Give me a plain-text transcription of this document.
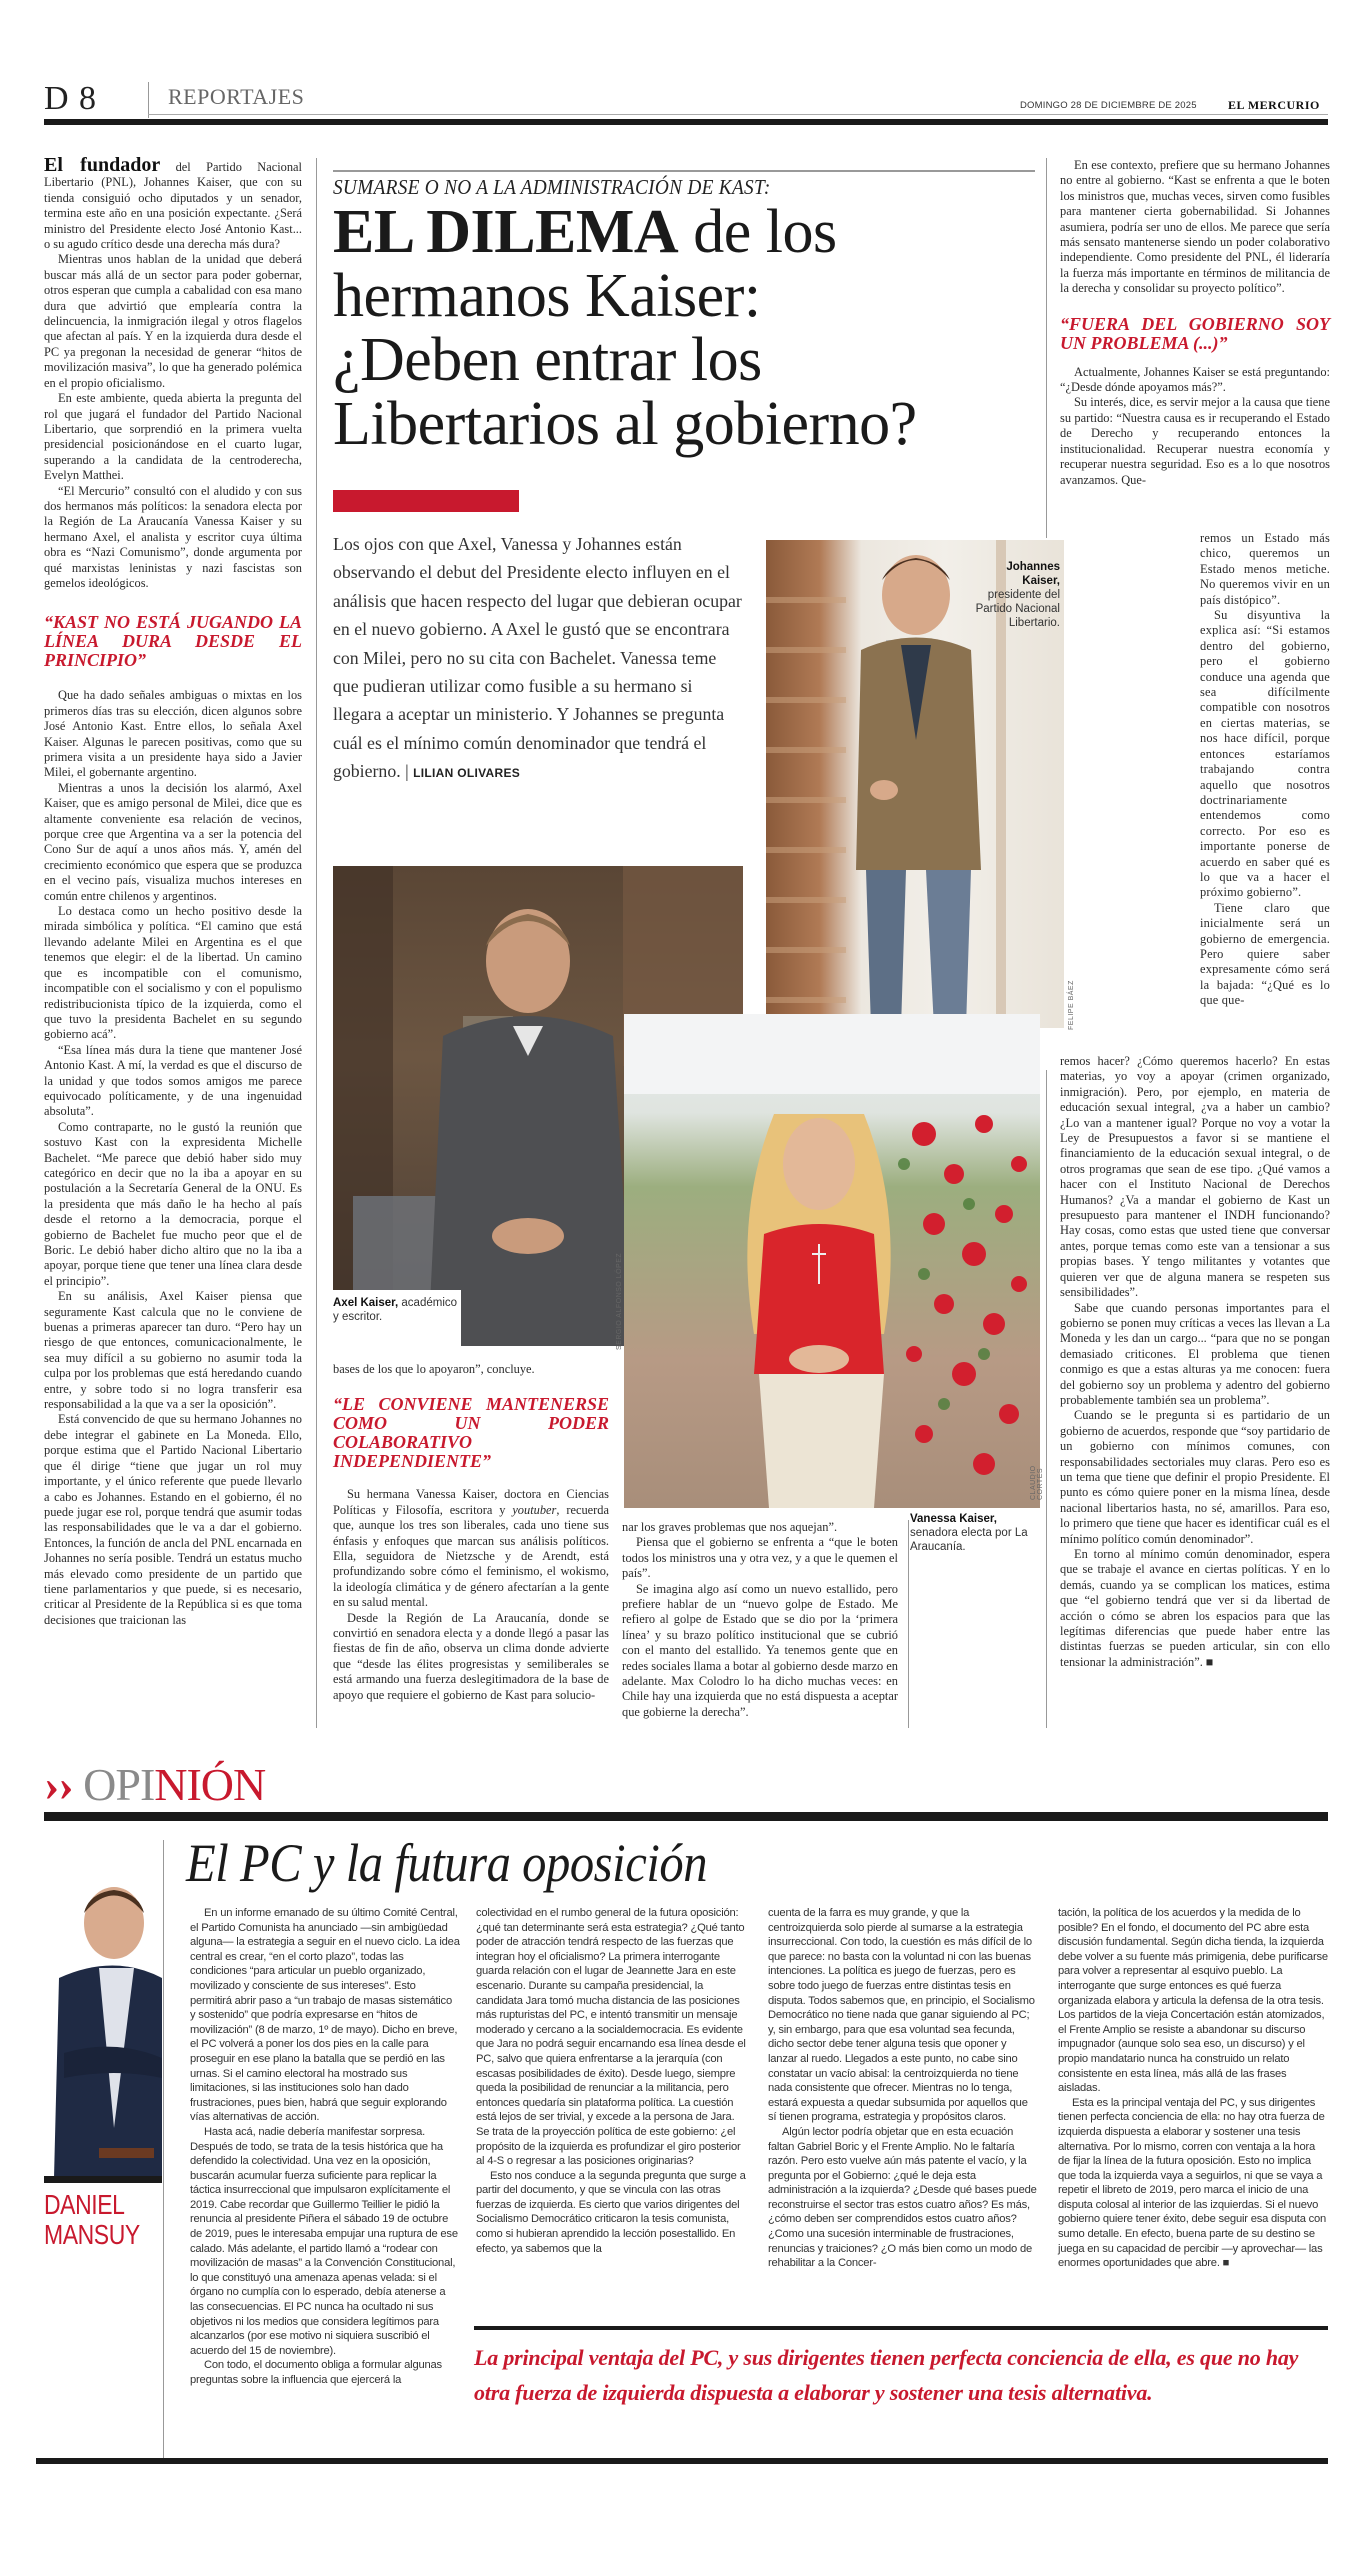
D 8	REPORTAJES	DOMINGO 28 DE DICIEMBRE DE 2025	EL MERCURIO

El fundador del Partido Nacional Libertario (PNL), Johannes Kaiser, que con su tienda consiguió ocho diputados y un senador, termina este año en una posición expectante. ¿Será ministro del Presidente electo José Antonio Kast... o su agudo crítico desde una derecha más dura?

Mientras unos hablan de la unidad que deberá buscar más allá de un sector para poder gobernar, otros esperan que cumpla a cabalidad con esa mano dura que advirtió que emplearía contra la delincuencia, la inmigración ilegal y otros flagelos que afectan al país. Y en la izquierda dura desde el PC ya pregonan la necesidad de generar “hitos de movilización masiva”, lo que ha generado polémica en el propio oficialismo.

En este ambiente, queda abierta la pregunta del rol que jugará el fundador del Partido Nacional Libertario, que sorprendió en la primera vuelta presidencial posicionándose en el cuarto lugar, superando a la candidata de la centroderecha, Evelyn Matthei.

“El Mercurio” consultó con el aludido y con sus dos hermanos más políticos: la senadora electa por la Región de La Araucanía Vanessa Kaiser y su hermano Axel, el analista y escritor cuya última obra es “Nazi Comunismo”, donde argumenta por qué marxistas leninistas y nazi fascistas son gemelos ideológicos.

“KAST NO ESTÁ JUGANDO LA LÍNEA DURA DESDE EL PRINCIPIO”

Que ha dado señales ambiguas o mixtas en los primeros días tras su elección, dicen algunos sobre José Antonio Kast. Entre ellos, lo señala Axel Kaiser. Algunas le parecen positivas, como que su primera visita a un presidente haya sido a Javier Milei, el gobernante argentino.

Mientras a unos la decisión los alarmó, Axel Kaiser, que es amigo personal de Milei, dice que es altamente conveniente esa relación de vecinos, porque cree que Argentina va a ser la potencia del Cono Sur de aquí a unos años más. Y, amén del crecimiento económico que espera que se produzca en el vecino país, visualiza muchos intereses en común entre chilenos y argentinos.

Lo destaca como un hecho positivo desde la mirada simbólica y política. “El camino que está llevando adelante Milei en Argentina es el que tenemos que elegir: el de la libertad. Un camino que es incompatible con el comunismo, incompatible con el socialismo y con el populismo redistribucionista típico de la izquierda, como el que tuvo la presidenta Bachelet en su segundo gobierno acá”.

“Esa línea más dura la tiene que mantener José Antonio Kast. A mí, la verdad es que el discurso de la unidad y que todos somos amigos me parece equivocado políticamente, y de una ingenuidad absoluta”.

Como contraparte, no le gustó la reunión que sostuvo Kast con la expresidenta Michelle Bachelet. “Me parece que debió haber sido muy categórico en decir que no la iba a apoyar en su postulación a la Secretaría General de la ONU. Es la presidenta que más daño le ha hecho al país desde el retorno a la democracia, porque el gobierno de Bachelet fue mucho peor que el de Boric. Le debió haber dicho altiro que no la iba a apoyar, porque tiene que tener una línea clara desde el principio”.

En su análisis, Axel Kaiser piensa que seguramente Kast calcula que no le conviene de buenas a primeras aparecer tan duro. “Pero hay un riesgo de que entonces, comunicacionalmente, le sea muy difícil a su gobierno no asumir toda la culpa por los problemas que está heredando cuando entre, y sobre todo si no logra transferir esa responsabilidad a la que va a ser la oposición”.

Está convencido de que su hermano Johannes no debe integrar el gabinete en La Moneda. Ello, porque estima que el Partido Nacional Libertario que él dirige “tiene que jugar un rol muy importante, y el único referente que puede llevarlo a cabo es Johannes. Estando en el gobierno, él no puede jugar ese rol, porque tendrá que asumir todas las responsabilidades que le va a dar el gobierno. Entonces, la función de ancla del PNL encarnada en Johannes no sería posible. Tendrá un estatus mucho más elevado como presidente de un partido que tiene parlamentarios y que puede, si es necesario, criticar al Presidente de la República si es que toma decisiones que traicionan las

SUMARSE O NO A LA ADMINISTRACIÓN DE KAST:
EL DILEMA de los
hermanos Kaiser:
¿Deben entrar los
Libertarios al gobierno?
Los ojos con que Axel, Vanessa y Johannes están observando el debut del Presidente electo influyen en el análisis que hacen respecto del lugar que debieran ocupar en el nuevo gobierno. A Axel le gustó que se encontrara con Milei, pero no su cita con Bachelet. Vanessa teme que pudieran utilizar como fusible a su hermano si llegara a aceptar un ministerio. Y Johannes se pregunta cuál es el mínimo común denominador que tendrá el gobierno. | LILIAN OLIVARES
Johannes Kaiser, presidente del Partido Nacional Libertario.
FELIPE BÁEZ
Axel Kaiser, académico y escritor.	SERGIO ALFONSO LÓPEZ
CLAUDIO CORTÉS
Vanessa Kaiser, senadora electa por La Araucanía.

bases de los que lo apoyaron”, concluye.

“LE CONVIENE MANTENERSE COMO UN PODER COLABORATIVO INDEPENDIENTE”

Su hermana Vanessa Kaiser, doctora en Ciencias Políticas y Filosofía, escritora y youtuber, recuerda que, aunque los tres son liberales, cada uno tiene sus énfasis y enfoques que marcan sus análisis políticos. Ella, seguidora de Nietzsche y de Arendt, está profundizando sobre cómo el feminismo, el wokismo, la ideología climática y de género afectarían a la gente en su salud mental.

Desde la Región de La Araucanía, donde se convirtió en senadora electa y a donde llegó a pasar las fiestas de fin de año, observa un clima donde advierte que “desde las élites progresistas y semiliberales se está armando una fuerza deslegitimadora de la base de apoyo que requiere el gobierno de Kast para solucio-

nar los graves problemas que nos aquejan”.

Piensa que el gobierno se enfrenta a “que le boten todos los ministros una y otra vez, y a que le quemen el país”.

Se imagina algo así como un nuevo estallido, pero prefiere hablar de un “nuevo golpe de Estado. Me refiero al golpe de Estado que se dio por la ‘primera línea’ y su brazo político institucional que se cubrió con el manto del estallido. Ya tenemos gente que en redes sociales llama a botar al gobierno desde marzo en adelante. Max Colodro lo ha dicho muchas veces: en Chile hay una izquierda que no está dispuesta a aceptar que gobierne la derecha”.

En ese contexto, prefiere que su hermano Johannes no entre al gobierno. “Kast se enfrenta a que le boten los ministros que, muchas veces, sirven como fusibles para mantener cierta gobernabilidad. Si Johannes asumiera, podría ser uno de ellos. Me parece que sería más sensato mantenerse siendo un poder colaborativo independiente. Como presidente del PNL, él lideraría la fuerza más importante en términos de militancia de la derecha y consolidar su proyecto político”.

“FUERA DEL GOBIERNO SOY UN PROBLEMA (...)”

Actualmente, Johannes Kaiser se está preguntando: “¿Desde dónde apoyamos más?”.

Su interés, dice, es servir mejor a la causa que tiene su partido: “Nuestra causa es ir recuperando el Estado de Derecho y recuperando entonces la institucionalidad. Recuperar nuestra economía y recuperar nuestra seguridad. Eso es a lo que nosotros avanzamos. Que-

remos un Estado más chico, queremos un Estado menos metiche. No queremos vivir en un país distópico”.

Su disyuntiva la explica así: “Si estamos dentro del gobierno, pero el gobierno conduce una agenda que sea difícilmente compatible con nosotros en ciertas materias, se nos hace difícil, porque entonces estaríamos trabajando contra aquello que nosotros doctrinariamente entendemos como correcto. Por eso es importante ponerse de acuerdo en saber qué es lo que va a hacer el próximo gobierno”.

Tiene claro que inicialmente será un gobierno de emergencia. Pero quiere saber expresamente cómo será la bajada: “¿Qué es lo que que-

remos hacer? ¿Cómo queremos hacerlo? En estas materias, yo voy a apoyar (crimen organizado, inmigración). Pero, por ejemplo, en materia de educación sexual integral, ¿va a haber un cambio? ¿Lo van a mantener igual? Porque no voy a votar la Ley de Presupuestos a favor si se mantiene el financiamiento de la educación sexual integral, o de otros programas que sean de ese tipo. ¿Qué vamos a hacer con el Instituto Nacional de Derechos Humanos? ¿Va a mandar el gobierno de Kast un presupuesto para mantener el INDH funcionando? Hay cosas, como estas que usted tiene que conversar antes, porque temas como este van a tensionar a sus propias bases. Y tengo militantes y votantes que quieren ver que de alguna manera se respeten sus sensibilidades”.

Sabe que cuando personas importantes para el gobierno se ponen muy críticas a veces las llevan a La Moneda y les dan un cargo... “para que no se pongan demasiado criticones. El problema que tienen conmigo es que a estas alturas ya me conocen: fuera del gobierno soy un problema y adentro del gobierno probablemente también sea un problema”.

Cuando se le pregunta si es partidario de un gobierno de acuerdos, responde que “soy partidario de un gobierno con mínimos comunes, con responsabilidades sectoriales muy claras. Pero eso es un tema que tiene que definir el propio Presidente. El punto es cómo quiere poner en la misma línea, desde nacional libertarios hasta, no sé, amarillos. Para eso, lo primero que tiene que hacer es identificar cuál es el mínimo político común denominador”.

En torno al mínimo común denominador, espera que se trabaje el avance en ciertas políticas. Y en lo demás, cuando ya se complican los matices, estima que “el gobierno tendrá que ver si da libertad de acción o cómo se abren los espacios para que las legítimas diferencias que puede haber entre las distintas fuerzas se pueden articular, sin con ello tensionar la administración”. ■

›› OPINIÓN
DANIEL
MANSUY
El PC y la futura oposición

En un informe emanado de su último Comité Central, el Partido Comunista ha anunciado —sin ambigüedad alguna— la estrategia a seguir en el nuevo ciclo. La idea central es crear, “en el corto plazo”, todas las condiciones “para articular un pueblo organizado, movilizado y consciente de sus intereses”. Esto permitirá abrir paso a “un trabajo de masas sistemático y sostenido” que podría expresarse en “hitos de movilización” (8 de marzo, 1º de mayo). Dicho en breve, el PC volverá a poner los dos pies en la calle para proseguir en ese plano la batalla que se perdió en las urnas. Si el camino electoral ha mostrado sus limitaciones, si las instituciones solo han dado frustraciones, pues bien, habrá que seguir explorando vías alternativas de acción.

Hasta acá, nadie debería manifestar sorpresa. Después de todo, se trata de la tesis histórica que ha defendido la colectividad. Una vez en la oposición, buscarán acumular fuerza suficiente para replicar la táctica insurreccional que impulsaron explícitamente el 2019. Cabe recordar que Guillermo Teillier le pidió la renuncia al presidente Piñera el sábado 19 de octubre de 2019, pues le interesaba empujar una ruptura de ese calado. Más adelante, el partido llamó a “rodear con movilización de masas” a la Convención Constitucional, lo que constituyó una amenaza apenas velada: si el órgano no cumplía con lo esperado, debía atenerse a las consecuencias. El PC nunca ha ocultado ni sus objetivos ni los medios que considera legítimos para alcanzarlos (por ese motivo ni siquiera suscribió el acuerdo del 15 de noviembre).

Con todo, el documento obliga a formular algunas preguntas sobre la influencia que ejercerá la

colectividad en el rumbo general de la futura oposición: ¿qué tan determinante será esta estrategia? ¿Qué tanto poder de atracción tendrá respecto de las fuerzas que integran hoy el oficialismo? La primera interrogante guarda relación con el lugar de Jeannette Jara en este escenario. Durante su campaña presidencial, la candidata Jara tomó mucha distancia de las posiciones más rupturistas del PC, e intentó transmitir un mensaje moderado y cercano a la socialdemocracia. Es evidente que Jara no podrá seguir encarnando esa línea desde el PC, salvo que quiera enfrentarse a la jerarquía (con escasas posibilidades de éxito). Desde luego, siempre queda la posibilidad de renunciar a la militancia, pero entonces quedaría sin plataforma política. La cuestión está lejos de ser trivial, y excede a la persona de Jara. Se trata de la proyección política de este gobierno: ¿el propósito de la izquierda es profundizar el giro posterior al 4-S o regresar a las posiciones originarias?

Esto nos conduce a la segunda pregunta que surge a partir del documento, y que se vincula con las otras fuerzas de izquierda. Es cierto que varios dirigentes del Socialismo Democrático criticaron la tesis comunista, como si hubieran aprendido la lección posestallido. En efecto, ya sabemos que la

cuenta de la farra es muy grande, y que la centroizquierda solo pierde al sumarse a la estrategia insurreccional. Con todo, la cuestión es más difícil de lo que parece: no basta con la voluntad ni con las buenas intenciones. La política es juego de fuerzas, pero es sobre todo juego de fuerzas entre distintas tesis en disputa. Todos sabemos que, en principio, el Socialismo Democrático no tiene nada que ganar siguiendo al PC; y, sin embargo, para que esa voluntad sea fecunda, dicho sector debe tener alguna tesis que oponer y lanzar al ruedo. Llegados a este punto, no cabe sino constatar un vacío abisal: la centroizquierda no tiene nada consistente que ofrecer. Mientras no lo tenga, estará expuesta a quedar subsumida por aquellos que sí tienen programa, estrategia y propósitos claros.

Algún lector podría objetar que en esta ecuación faltan Gabriel Boric y el Frente Amplio. No le faltaría razón. Pero esto vuelve aún más patente el vacío, y la pregunta por el Gobierno: ¿qué le deja esta administración a la izquierda? ¿Desde qué bases puede reconstruirse el sector tras estos cuatro años? Es más, ¿cómo deben ser comprendidos estos cuatro años? ¿Como una sucesión interminable de frustraciones, renuncias y traiciones? ¿O más bien como un modo de rehabilitar a la Concer-

tación, la política de los acuerdos y la medida de lo posible? En el fondo, el documento del PC abre esta discusión fundamental. Según dicha tienda, la izquierda debe volver a su fuente más primigenia, debe purificarse para volver a representar al esquivo pueblo. La interrogante que surge entonces es qué fuerza organizada elabora y articula la defensa de la otra tesis. Los partidos de la vieja Concertación están atomizados, el Frente Amplio se resiste a abandonar su discurso impugnador (aunque solo sea eso, un discurso) y el propio mandatario nunca ha construido un relato consistente en esta línea, más allá de las frases aisladas.

Esta es la principal ventaja del PC, y sus dirigentes tienen perfecta conciencia de ella: no hay otra fuerza de izquierda dispuesta a elaborar y sostener una tesis alternativa. Por lo mismo, corren con ventaja a la hora de fijar la línea de la futura oposición. Esto no implica que toda la izquierda vaya a seguirlos, ni que se vaya a repetir el libreto de 2019, pero marca el inicio de una disputa colosal al interior de las izquierdas. Si el nuevo gobierno quiere tener éxito, debe seguir esa disputa con sumo detalle. En efecto, buena parte de su destino se juega en su capacidad de percibir —y aprovechar— las enormes oportunidades que abre. ■

La principal ventaja del PC, y sus dirigentes tienen perfecta conciencia de ella, es que no hay otra fuerza de izquierda dispuesta a elaborar y sostener una tesis alternativa.
